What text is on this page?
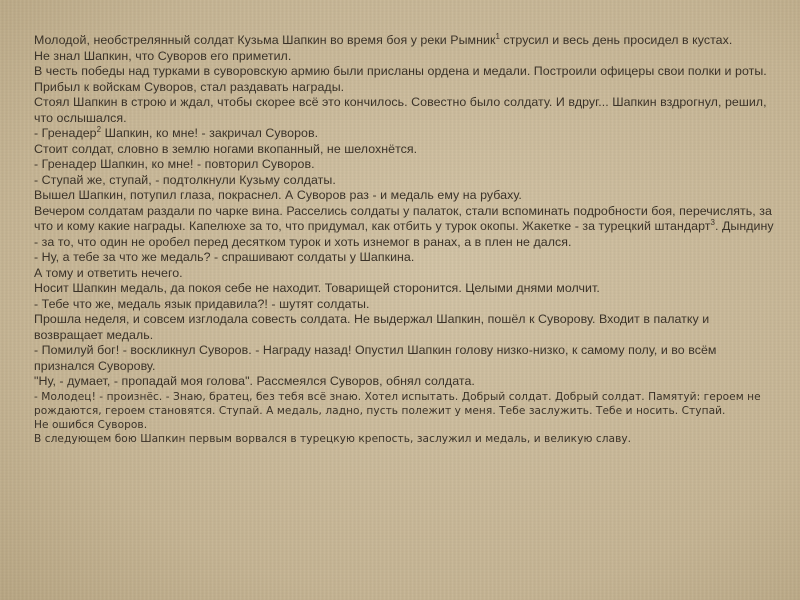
Молодой, необстрелянный солдат Кузьма Шапкин во время боя у реки Рымник$^1$ струсил и весь день просидел в кустах.

Не знал Шапкин, что Суворов его приметил.

В честь победы над турками в суворовскую армию были присланы ордена и медали. Построили офицеры свои полки и роты. Прибыл к войскам Суворов, стал раздавать награды.

Стоял Шапкин в строю и ждал, чтобы скорее всё это кончилось. Совестно было солдату. И вдруг... Шапкин вздрогнул, решил, что ослышался.

- Гренадер$^2$ Шапкин, ко мне! - закричал Суворов.

Стоит солдат, словно в землю ногами вкопанный, не шелохнётся.

- Гренадер Шапкин, ко мне! - повторил Суворов.

- Ступай же, ступай, - подтолкнули Кузьму солдаты.

Вышел Шапкин, потупил глаза, покраснел. А Суворов раз - и медаль ему на рубаху.

Вечером солдатам раздали по чарке вина. Расселись солдаты у палаток, стали вспоминать подробности боя, перечислять, за что и кому какие награды. Капелюхе за то, что придумал, как отбить у турок окопы. Жакетке - за турецкий штандарт$^3$. Дындину - за то, что один не оробел перед десятком турок и хоть изнемог в ранах, а в плен не дался.

- Ну, а тебе за что же медаль? - спрашивают солдаты у Шапкина.

А тому и ответить нечего.

Носит Шапкин медаль, да покоя себе не находит. Товарищей сторонится. Целыми днями молчит.

- Тебе что же, медаль язык придавила?! - шутят солдаты.

Прошла неделя, и совсем изглодала совесть солдата. Не выдержал Шапкин, пошёл к Суворову. Входит в палатку и возвращает медаль.

- Помилуй бог! - воскликнул Суворов. - Награду назад! Опустил Шапкин голову низко-низко, к самому полу, и во всём признался Суворову.

"Ну, - думает, - пропадай моя голова". Рассмеялся Суворов, обнял солдата.

- Молодец! - произнёс. - Знаю, братец, без тебя всё знаю. Хотел испытать. Добрый солдат. Добрый солдат. Памятуй: героем не рождаются, героем становятся. Ступай. А медаль, ладно, пусть полежит у меня. Тебе заслужить. Тебе и носить. Ступай.

Не ошибся Суворов.

В следующем бою Шапкин первым ворвался в турецкую крепость, заслужил и медаль, и великую славу.
